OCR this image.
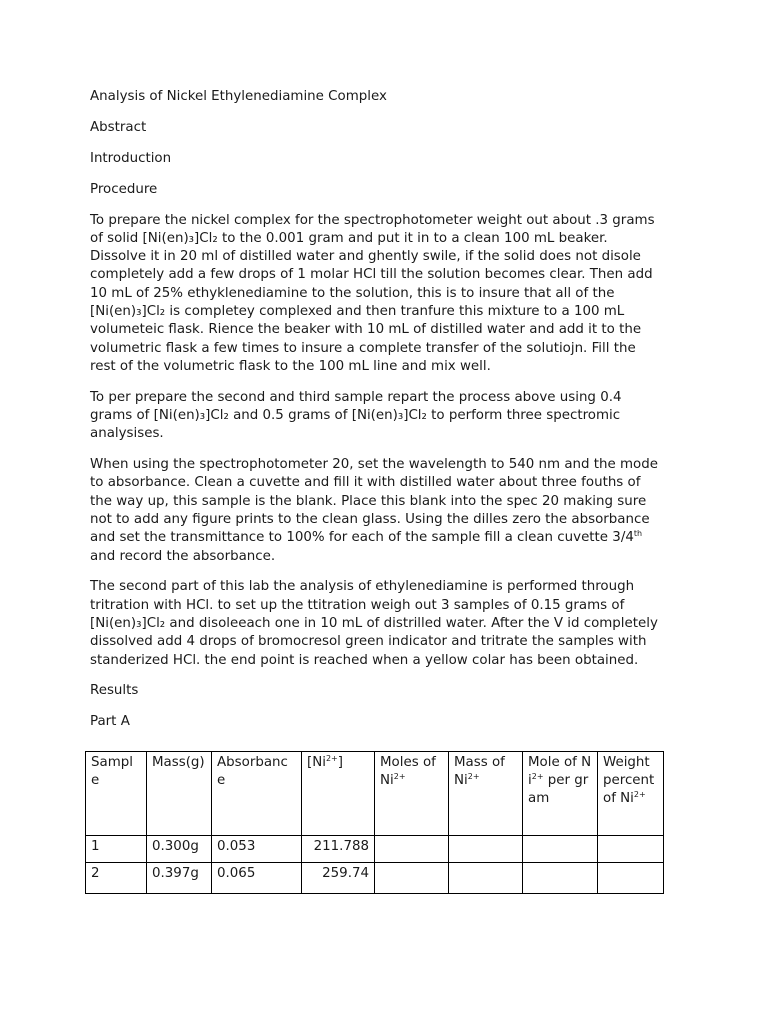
Analysis of Nickel Ethylenediamine Complex

Abstract

Introduction

Procedure

To prepare the nickel complex for the spectrophotometer weight out about .3 grams
of solid [Ni(en)₃]Cl₂ to the 0.001 gram and put it in to a clean 100 mL beaker.
Dissolve it in 20 ml of distilled water and ghently swile, if the solid does not disole
completely add a few drops of 1 molar HCl till the solution becomes clear. Then add
10 mL of 25% ethyklenediamine to the solution, this is to insure that all of the
[Ni(en)₃]Cl₂ is completey complexed and then tranfure this mixture to a 100 mL
volumeteic flask. Rience the beaker with 10 mL of distilled water and add it to the
volumetric flask a few times to insure a complete transfer of the solutiojn. Fill the
rest of the volumetric flask to the 100 mL line and mix well.

To per prepare the second and third sample repart the process above using 0.4
grams of [Ni(en)₃]Cl₂ and 0.5 grams of [Ni(en)₃]Cl₂ to perform three spectromic
analysises.

When using the spectrophotometer 20, set the wavelength to 540 nm and the mode
to absorbance. Clean a cuvette and fill it with distilled water about three fouths of
the way up, this sample is the blank. Place this blank into the spec 20 making sure
not to add any figure prints to the clean glass. Using the dilles zero the absorbance
and set the transmittance to 100% for each of the sample fill a clean cuvette 3/4th
and record the absorbance.

The second part of this lab the analysis of ethylenediamine is performed through
tritration with HCl. to set up the ttitration weigh out 3 samples of 0.15 grams of
[Ni(en)₃]Cl₂ and disoleeach one in 10 mL of distrilled water. After the V id completely
dissolved add 4 drops of bromocresol green indicator and tritrate the samples with
standerized HCl. the end point is reached when a yellow colar has been obtained.

Results

Part A

Sample	Mass(g)	Absorbance	$[Ni^{2+}]$	Moles of $Ni^{2+}$	Mass of $Ni^{2+}$	Mole of $Ni^{2+}$ per gram	Weight percent of $Ni^{2+}$
1	0.300g	0.053	211.788				
2	0.397g	0.065	259.74				
